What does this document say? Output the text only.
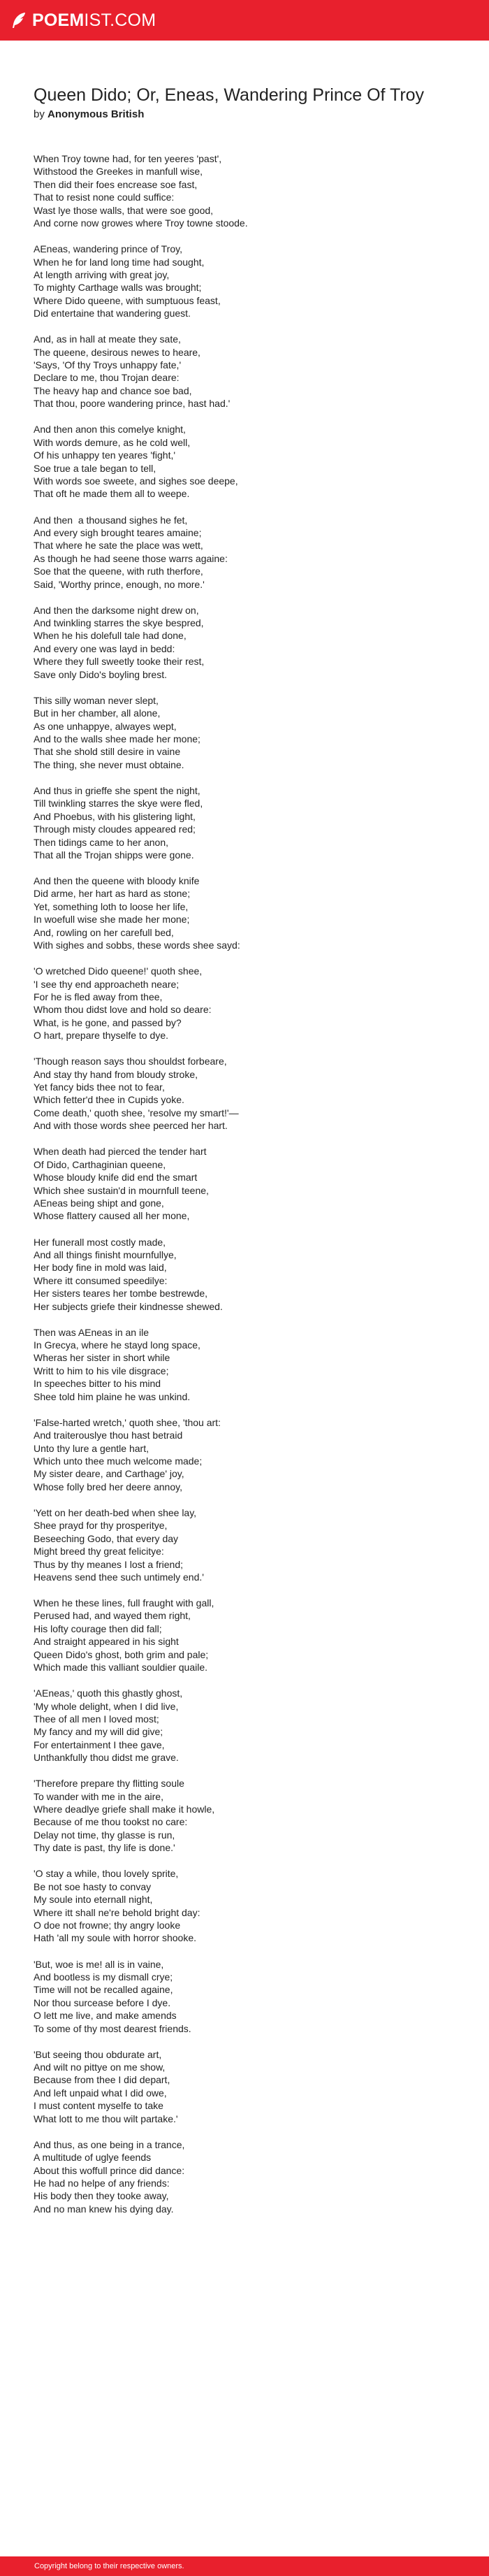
POEMIST.COM
Queen Dido; Or, Eneas, Wandering Prince Of Troy

by Anonymous British

When Troy towne had, for ten yeeres 'past',
Withstood the Greekes in manfull wise,
Then did their foes encrease soe fast,
That to resist none could suffice:
Wast lye those walls, that were soe good,
And corne now growes where Troy towne stoode.
AEneas, wandering prince of Troy,
When he for land long time had sought,
At length arriving with great joy,
To mighty Carthage walls was brought;
Where Dido queene, with sumptuous feast,
Did entertaine that wandering guest.
And, as in hall at meate they sate,
The queene, desirous newes to heare,
'Says, 'Of thy Troys unhappy fate,'
Declare to me, thou Trojan deare:
The heavy hap and chance soe bad,
That thou, poore wandering prince, hast had.'
And then anon this comelye knight,
With words demure, as he cold well,
Of his unhappy ten yeares 'fight,'
Soe true a tale began to tell,
With words soe sweete, and sighes soe deepe,
That oft he made them all to weepe.
And then  a thousand sighes he fet,
And every sigh brought teares amaine;
That where he sate the place was wett,
As though he had seene those warrs againe:
Soe that the queene, with ruth therfore,
Said, 'Worthy prince, enough, no more.'
And then the darksome night drew on,
And twinkling starres the skye bespred,
When he his dolefull tale had done,
And every one was layd in bedd:
Where they full sweetly tooke their rest,
Save only Dido's boyling brest.
This silly woman never slept,
But in her chamber, all alone,
As one unhappye, alwayes wept,
And to the walls shee made her mone;
That she shold still desire in vaine
The thing, she never must obtaine.
And thus in grieffe she spent the night,
Till twinkling starres the skye were fled,
And Phoebus, with his glistering light,
Through misty cloudes appeared red;
Then tidings came to her anon,
That all the Trojan shipps were gone.
And then the queene with bloody knife
Did arme, her hart as hard as stone;
Yet, something loth to loose her life,
In woefull wise she made her mone;
And, rowling on her carefull bed,
With sighes and sobbs, these words shee sayd:
'O wretched Dido queene!' quoth shee,
'I see thy end approacheth neare;
For he is fled away from thee,
Whom thou didst love and hold so deare:
What, is he gone, and passed by?
O hart, prepare thyselfe to dye.
'Though reason says thou shouldst forbeare,
And stay thy hand from bloudy stroke,
Yet fancy bids thee not to fear,
Which fetter'd thee in Cupids yoke.
Come death,' quoth shee, 'resolve my smart!'—
And with those words shee peerced her hart.
When death had pierced the tender hart
Of Dido, Carthaginian queene,
Whose bloudy knife did end the smart
Which shee sustain'd in mournfull teene,
AEneas being shipt and gone,
Whose flattery caused all her mone,
Her funerall most costly made,
And all things finisht mournfullye,
Her body fine in mold was laid,
Where itt consumed speedilye:
Her sisters teares her tombe bestrewde,
Her subjects griefe their kindnesse shewed.
Then was AEneas in an ile
In Grecya, where he stayd long space,
Wheras her sister in short while
Writt to him to his vile disgrace;
In speeches bitter to his mind
Shee told him plaine he was unkind.
'False-harted wretch,' quoth shee, 'thou art:
And traiterouslye thou hast betraid
Unto thy lure a gentle hart,
Which unto thee much welcome made;
My sister deare, and Carthage' joy,
Whose folly bred her deere annoy,
'Yett on her death-bed when shee lay,
Shee prayd for thy prosperitye,
Beseeching Godo, that every day
Might breed thy great felicitye:
Thus by thy meanes I lost a friend;
Heavens send thee such untimely end.'
When he these lines, full fraught with gall,
Perused had, and wayed them right,
His lofty courage then did fall;
And straight appeared in his sight
Queen Dido's ghost, both grim and pale;
Which made this valliant souldier quaile.
'AEneas,' quoth this ghastly ghost,
'My whole delight, when I did live,
Thee of all men I loved most;
My fancy and my will did give;
For entertainment I thee gave,
Unthankfully thou didst me grave.
'Therefore prepare thy flitting soule
To wander with me in the aire,
Where deadlye griefe shall make it howle,
Because of me thou tookst no care:
Delay not time, thy glasse is run,
Thy date is past, thy life is done.'
'O stay a while, thou lovely sprite,
Be not soe hasty to convay
My soule into eternall night,
Where itt shall ne're behold bright day:
O doe not frowne; thy angry looke
Hath 'all my soule with horror shooke.
'But, woe is me! all is in vaine,
And bootless is my dismall crye;
Time will not be recalled againe,
Nor thou surcease before I dye.
O lett me live, and make amends
To some of thy most dearest friends.
'But seeing thou obdurate art,
And wilt no pittye on me show,
Because from thee I did depart,
And left unpaid what I did owe,
I must content myselfe to take
What lott to me thou wilt partake.'
And thus, as one being in a trance,
A multitude of uglye feends
About this woffull prince did dance:
He had no helpe of any friends:
His body then they tooke away,
And no man knew his dying day.
Copyright belong to their respective owners.
